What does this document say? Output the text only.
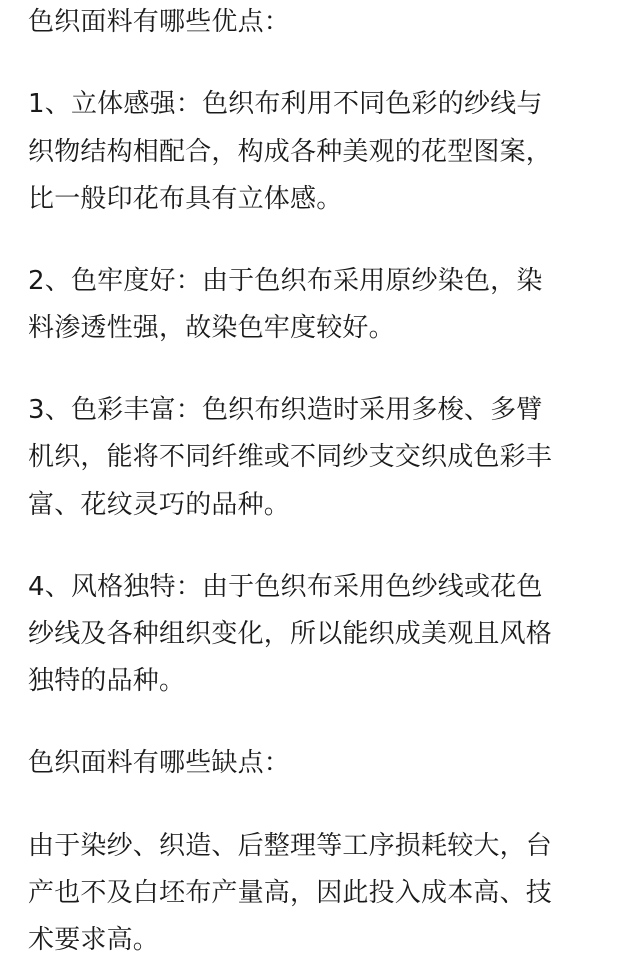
色织面料有哪些优点：
1、立体感强：色织布利用不同色彩的纱线与
织物结构相配合，构成各种美观的花型图案，
比一般印花布具有立体感。
2、色牢度好：由于色织布采用原纱染色，染
料渗透性强，故染色牢度较好。
3、色彩丰富：色织布织造时采用多梭、多臂
机织，能将不同纤维或不同纱支交织成色彩丰
富、花纹灵巧的品种。
4、风格独特：由于色织布采用色纱线或花色
纱线及各种组织变化，所以能织成美观且风格
独特的品种。
色织面料有哪些缺点：
由于染纱、织造、后整理等工序损耗较大，台
产也不及白坯布产量高，因此投入成本高、技
术要求高。
